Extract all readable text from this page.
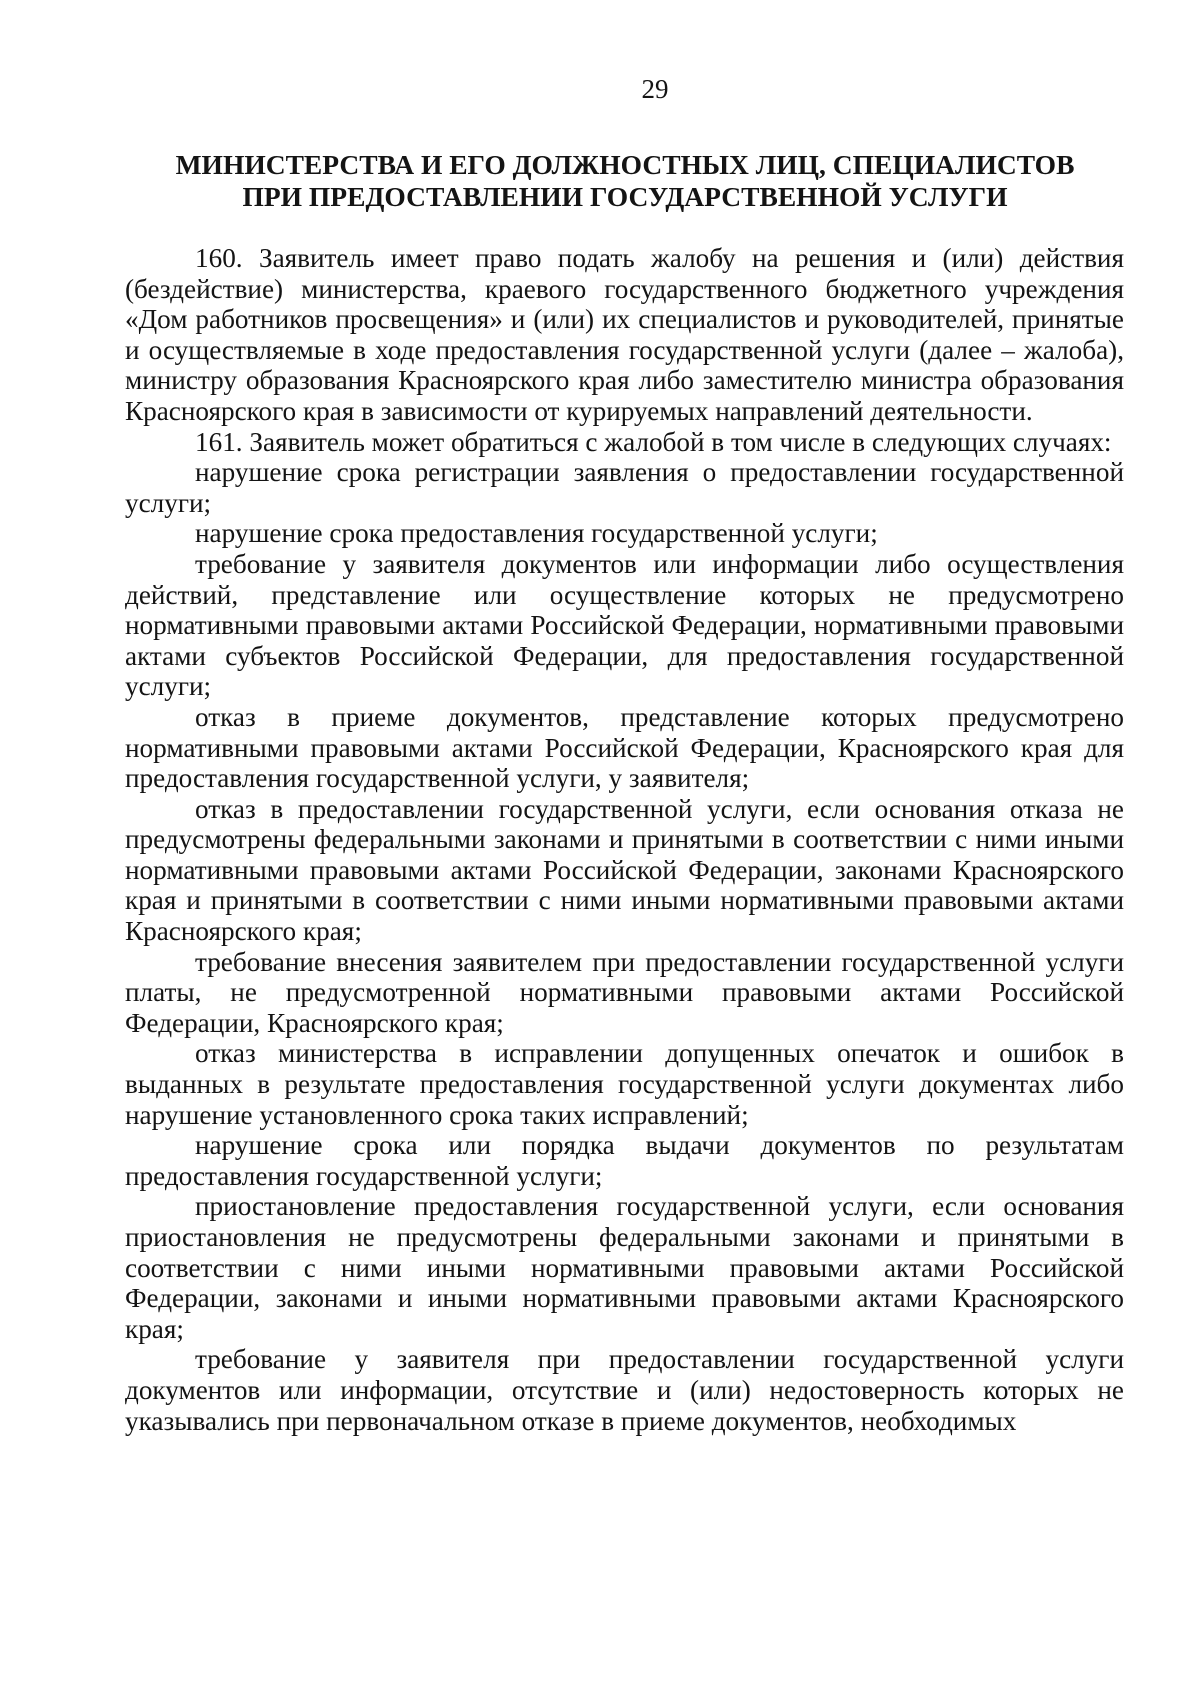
29
МИНИСТЕРСТВА И ЕГО ДОЛЖНОСТНЫХ ЛИЦ, СПЕЦИАЛИСТОВ
ПРИ ПРЕДОСТАВЛЕНИИ ГОСУДАРСТВЕННОЙ УСЛУГИ

160. Заявитель имеет право подать жалобу на решения и (или) действия (бездействие) министерства, краевого государственного бюджетного учреждения «Дом работников просвещения» и (или) их специалистов и руководителей, принятые и осуществляемые в ходе предоставления государственной услуги (далее – жалоба), министру образования Красноярского края либо заместителю министра образования Красноярского края в зависимости от курируемых направлений деятельности.

161. Заявитель может обратиться с жалобой в том числе в следующих случаях:

нарушение срока регистрации заявления о предоставлении государственной услуги;

нарушение срока предоставления государственной услуги;

требование у заявителя документов или информации либо осуществления действий, представление или осуществление которых не предусмотрено нормативными правовыми актами Российской Федерации, нормативными правовыми актами субъектов Российской Федерации, для предоставления государственной услуги;

отказ в приеме документов, представление которых предусмотрено нормативными правовыми актами Российской Федерации, Красноярского края для предоставления государственной услуги, у заявителя;

отказ в предоставлении государственной услуги, если основания отказа не предусмотрены федеральными законами и принятыми в соответствии с ними иными нормативными правовыми актами Российской Федерации, законами Красноярского края и принятыми в соответствии с ними иными нормативными правовыми актами Красноярского края;

требование внесения заявителем при предоставлении государственной услуги платы, не предусмотренной нормативными правовыми актами Российской Федерации, Красноярского края;

отказ министерства в исправлении допущенных опечаток и ошибок в выданных в результате предоставления государственной услуги документах либо нарушение установленного срока таких исправлений;

нарушение срока или порядка выдачи документов по результатам предоставления государственной услуги;

приостановление предоставления государственной услуги, если основания приостановления не предусмотрены федеральными законами и принятыми в соответствии с ними иными нормативными правовыми актами Российской Федерации, законами и иными нормативными правовыми актами Красноярского края;

требование у заявителя при предоставлении государственной услуги документов или информации, отсутствие и (или) недостоверность которых не указывались при первоначальном отказе в приеме документов, необходимых
